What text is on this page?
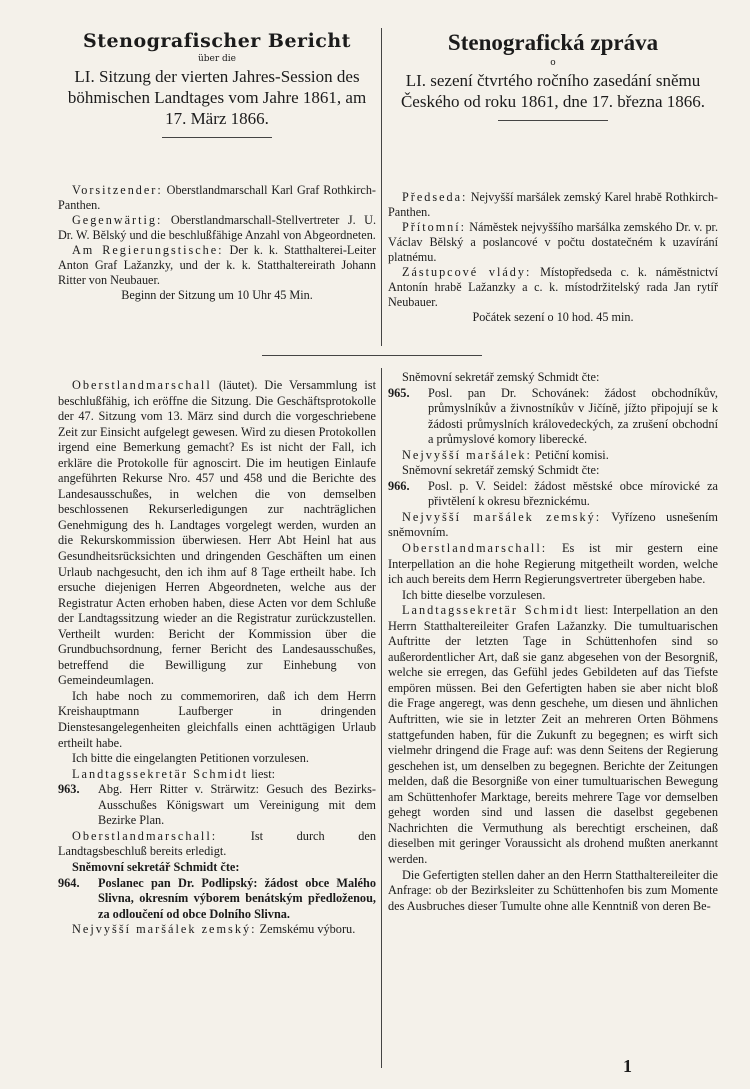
Stenografischer Bericht
über die
LI. Sitzung der vierten Jahres-Session des böhmischen Landtages vom Jahre 1861, am 17. März 1866.
Stenografická zpráva
o
LI. sezení čtvrtého ročního zasedání sněmu Českého od roku 1861, dne 17. března 1866.

Vorsitzender: Oberstlandmarschall Karl Graf Rothkirch-Panthen.

Gegenwärtig: Oberstlandmarschall-Stellvertreter J. U. Dr. W. Bělský und die beschlußfähige Anzahl von Abgeordneten.

Am Regierungstische: Der k. k. Statthalterei-Leiter Anton Graf Lažanzky, und der k. k. Statthaltereirath Johann Ritter von Neubauer.

Beginn der Sitzung um 10 Uhr 45 Min.

Předseda: Nejvyšší maršálek zemský Karel hrabě Rothkirch-Panthen.

Přítomní: Náměstek nejvyššího maršálka zemského Dr. v. pr. Václav Bělský a poslancové v počtu dostatečném k uzavírání platnému.

Zástupcové vlády: Místopředseda c. k. náměstnictví Antonín hrabě Lažanzky a c. k. místodržitelský rada Jan rytíř Neubauer.

Počátek sezení o 10 hod. 45 min.

Oberstlandmarschall (läutet). Die Versammlung ist beschlußfähig, ich eröffne die Sitzung. Die Geschäftsprotokolle der 47. Sitzung vom 13. März sind durch die vorgeschriebene Zeit zur Einsicht aufgelegt gewesen. Wird zu diesen Protokollen irgend eine Bemerkung gemacht? Es ist nicht der Fall, ich erkläre die Protokolle für agnoscirt. Die im heutigen Einlaufe angeführten Rekurse Nro. 457 und 458 und die Berichte des Landesausschußes, in welchen die von demselben beschlossenen Rekurserledigungen zur nachträglichen Genehmigung des h. Landtages vorgelegt werden, wurden an die Rekurskommission überwiesen. Herr Abt Heinl hat aus Gesundheitsrücksichten und dringenden Geschäften um einen Urlaub nachgesucht, den ich ihm auf 8 Tage ertheilt habe. Ich ersuche diejenigen Herren Abgeordneten, welche aus der Registratur Acten erhoben haben, diese Acten vor dem Schluße der Landtagssitzung wieder an die Registratur zurückzustellen. Vertheilt wurden: Bericht der Kommission über die Grundbuchsordnung, ferner Bericht des Landesausschußes, betreffend die Bewilligung zur Einhebung von Gemeindeumlagen.

Ich habe noch zu commemoriren, daß ich dem Herrn Kreishauptmann Laufberger in dringenden Dienstesangelegenheiten gleichfalls einen achttägigen Urlaub ertheilt habe.

Ich bitte die eingelangten Petitionen vorzulesen.

Landtagssekretär Schmidt liest:

963.	Abg. Herr Ritter v. Strärwitz: Gesuch des Bezirks-Ausschußes Königswart um Vereinigung mit dem Bezirke Plan.

Oberstlandmarschall: Ist durch den Landtagsbeschluß bereits erledigt.

Sněmovní sekretář Schmidt čte:

964.	Poslanec pan Dr. Podlipský: žádost obce Malého Slivna, okresním výborem benátským předloženou, za odloučení od obce Dolního Slivna.

Nejvyšší maršálek zemský: Zemskému výboru.

Sněmovní sekretář zemský Schmidt čte:

965.	Posl. pan Dr. Schovánek: žádost obchodníkův, průmyslníkův a živnostníkův v Jičíně, jížto připojují se k žádosti průmyslních královedeckých, za zrušení obchodní a průmyslové komory liberecké.

Nejvyšší maršálek: Petiční komisi.

Sněmovní sekretář zemský Schmidt čte:

966.	Posl. p. V. Seidel: žádost městské obce mírovické za přivtělení k okresu březnickému.

Nejvyšší maršálek zemský: Vyřízeno usnešením sněmovním.

Oberstlandmarschall: Es ist mir gestern eine Interpellation an die hohe Regierung mitgetheilt worden, welche ich auch bereits dem Herrn Regierungsvertreter übergeben habe.

Ich bitte dieselbe vorzulesen.

Landtagssekretär Schmidt liest: Interpellation an den Herrn Statthaltereileiter Grafen Lažanzky. Die tumultuarischen Auftritte der letzten Tage in Schüttenhofen sind so außerordentlicher Art, daß sie ganz abgesehen von der Besorgniß, welche sie erregen, das Gefühl jedes Gebildeten auf das Tiefste empören müssen. Bei den Gefertigten haben sie aber nicht bloß die Frage angeregt, was denn geschehe, um diesen und ähnlichen Auftritten, wie sie in letzter Zeit an mehreren Orten Böhmens stattgefunden haben, für die Zukunft zu begegnen; es wirft sich vielmehr dringend die Frage auf: was denn Seitens der Regierung geschehen ist, um denselben zu begegnen. Berichte der Zeitungen melden, daß die Besorgniße von einer tumultuarischen Bewegung am Schüttenhofer Marktage, bereits mehrere Tage vor demselben gehegt worden sind und lassen die daselbst gegebenen Nachrichten die Vermuthung als berechtigt erscheinen, daß dieselben mit geringer Voraussicht als drohend mußten anerkannt werden.

Die Gefertigten stellen daher an den Herrn Statthaltereileiter die Anfrage: ob der Bezirksleiter zu Schüttenhofen bis zum Momente des Ausbruches dieser Tumulte ohne alle Kenntniß von deren Be-

1
